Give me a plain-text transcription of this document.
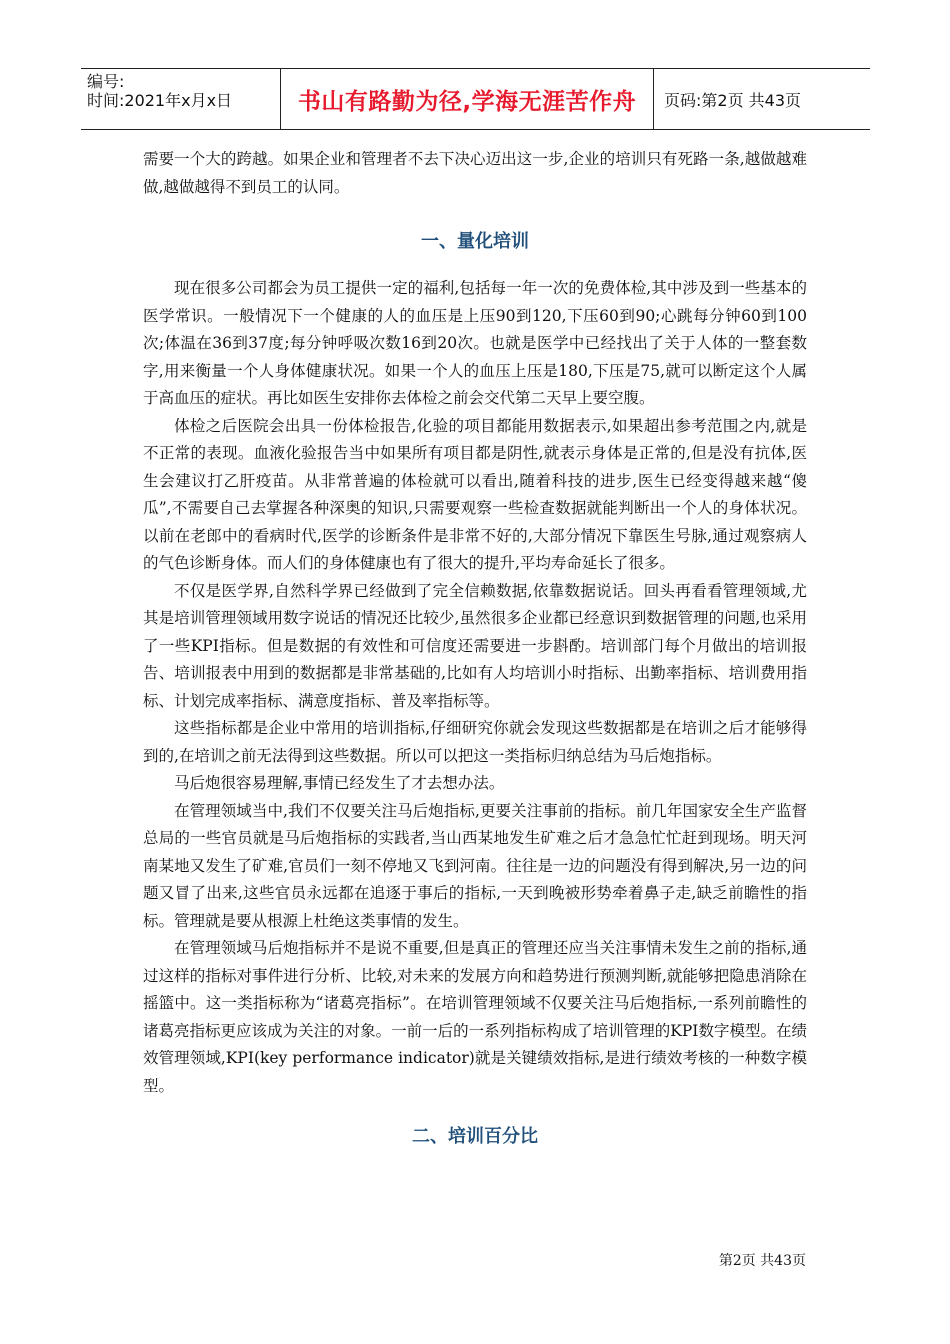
编号:
时间:2021年x月x日	书山有路勤为径,学海无涯苦作舟	页码:第2页 共43页

需要一个大的跨越。如果企业和管理者不去下决心迈出这一步,企业的培训只有死路一条,越做越难做,越做越得不到员工的认同。

一、量化培训

现在很多公司都会为员工提供一定的福利,包括每一年一次的免费体检,其中涉及到一些基本的医学常识。一般情况下一个健康的人的血压是上压90到120,下压60到90;心跳每分钟60到100次;体温在36到37度;每分钟呼吸次数16到20次。也就是医学中已经找出了关于人体的一整套数字,用来衡量一个人身体健康状况。如果一个人的血压上压是180,下压是75,就可以断定这个人属于高血压的症状。再比如医生安排你去体检之前会交代第二天早上要空腹。

体检之后医院会出具一份体检报告,化验的项目都能用数据表示,如果超出参考范围之内,就是不正常的表现。血液化验报告当中如果所有项目都是阴性,就表示身体是正常的,但是没有抗体,医生会建议打乙肝疫苗。从非常普遍的体检就可以看出,随着科技的进步,医生已经变得越来越“傻瓜”,不需要自己去掌握各种深奥的知识,只需要观察一些检查数据就能判断出一个人的身体状况。以前在老郎中的看病时代,医学的诊断条件是非常不好的,大部分情况下靠医生号脉,通过观察病人的气色诊断身体。而人们的身体健康也有了很大的提升,平均寿命延长了很多。

不仅是医学界,自然科学界已经做到了完全信赖数据,依靠数据说话。回头再看看管理领域,尤其是培训管理领域用数字说话的情况还比较少,虽然很多企业都已经意识到数据管理的问题,也采用了一些KPI指标。但是数据的有效性和可信度还需要进一步斟酌。培训部门每个月做出的培训报告、培训报表中用到的数据都是非常基础的,比如有人均培训小时指标、出勤率指标、培训费用指标、计划完成率指标、满意度指标、普及率指标等。

这些指标都是企业中常用的培训指标,仔细研究你就会发现这些数据都是在培训之后才能够得到的,在培训之前无法得到这些数据。所以可以把这一类指标归纳总结为马后炮指标。

马后炮很容易理解,事情已经发生了才去想办法。

在管理领域当中,我们不仅要关注马后炮指标,更要关注事前的指标。前几年国家安全生产监督总局的一些官员就是马后炮指标的实践者,当山西某地发生矿难之后才急急忙忙赶到现场。明天河南某地又发生了矿难,官员们一刻不停地又飞到河南。往往是一边的问题没有得到解决,另一边的问题又冒了出来,这些官员永远都在追逐于事后的指标,一天到晚被形势牵着鼻子走,缺乏前瞻性的指标。管理就是要从根源上杜绝这类事情的发生。

在管理领域马后炮指标并不是说不重要,但是真正的管理还应当关注事情未发生之前的指标,通过这样的指标对事件进行分析、比较,对未来的发展方向和趋势进行预测判断,就能够把隐患消除在摇篮中。这一类指标称为“诸葛亮指标”。在培训管理领域不仅要关注马后炮指标,一系列前瞻性的诸葛亮指标更应该成为关注的对象。一前一后的一系列指标构成了培训管理的KPI数字模型。在绩效管理领域,KPI(key performance indicator)就是关键绩效指标,是进行绩效考核的一种数字模型。

二、培训百分比
第2页 共43页
